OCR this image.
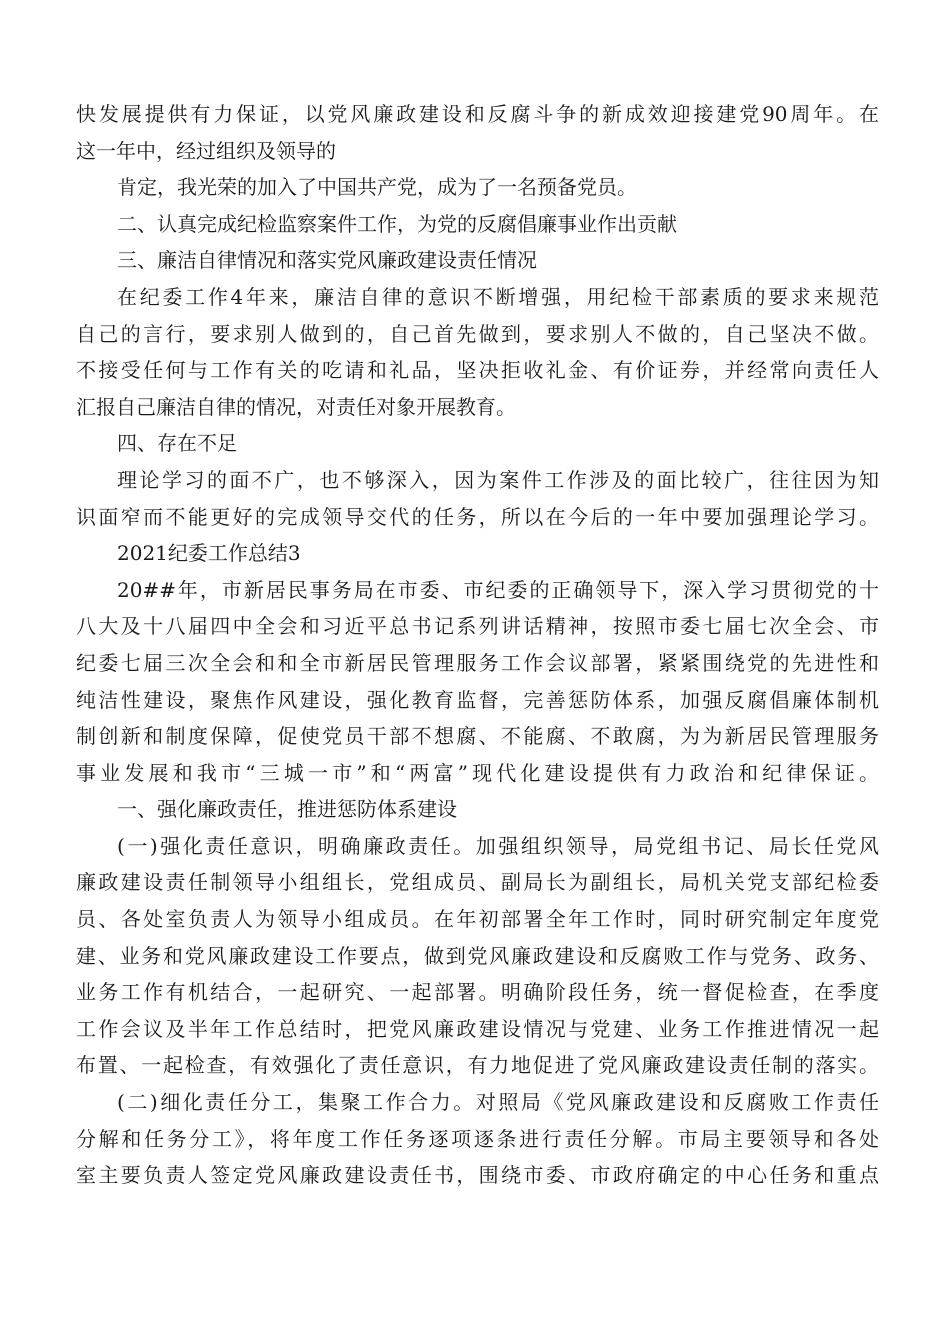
快发展提供有力保证，以党风廉政建设和反腐斗争的新成效迎接建党90周年。在
这一年中，经过组织及领导的
肯定，我光荣的加入了中国共产党，成为了一名预备党员。
二、认真完成纪检监察案件工作，为党的反腐倡廉事业作出贡献
三、廉洁自律情况和落实党风廉政建设责任情况
在纪委工作4年来，廉洁自律的意识不断增强，用纪检干部素质的要求来规范
自己的言行，要求别人做到的，自己首先做到，要求别人不做的，自己坚决不做。
不接受任何与工作有关的吃请和礼品，坚决拒收礼金、有价证券，并经常向责任人
汇报自己廉洁自律的情况，对责任对象开展教育。
四、存在不足
理论学习的面不广，也不够深入，因为案件工作涉及的面比较广，往往因为知
识面窄而不能更好的完成领导交代的任务，所以在今后的一年中要加强理论学习。
2021纪委工作总结3
20##年，市新居民事务局在市委、市纪委的正确领导下，深入学习贯彻党的十
八大及十八届四中全会和习近平总书记系列讲话精神，按照市委七届七次全会、市
纪委七届三次全会和和全市新居民管理服务工作会议部署，紧紧围绕党的先进性和
纯洁性建设，聚焦作风建设，强化教育监督，完善惩防体系，加强反腐倡廉体制机
制创新和制度保障，促使党员干部不想腐、不能腐、不敢腐，为为新居民管理服务
事业发展和我市“三城一市”和“两富”现代化建设提供有力政治和纪律保证。
一、强化廉政责任，推进惩防体系建设
(一)强化责任意识，明确廉政责任。加强组织领导，局党组书记、局长任党风
廉政建设责任制领导小组组长，党组成员、副局长为副组长，局机关党支部纪检委
员、各处室负责人为领导小组成员。在年初部署全年工作时，同时研究制定年度党
建、业务和党风廉政建设工作要点，做到党风廉政建设和反腐败工作与党务、政务、
业务工作有机结合，一起研究、一起部署。明确阶段任务，统一督促检查，在季度
工作会议及半年工作总结时，把党风廉政建设情况与党建、业务工作推进情况一起
布置、一起检查，有效强化了责任意识，有力地促进了党风廉政建设责任制的落实。
(二)细化责任分工，集聚工作合力。对照局《党风廉政建设和反腐败工作责任
分解和任务分工》，将年度工作任务逐项逐条进行责任分解。市局主要领导和各处
室主要负责人签定党风廉政建设责任书，围绕市委、市政府确定的中心任务和重点
